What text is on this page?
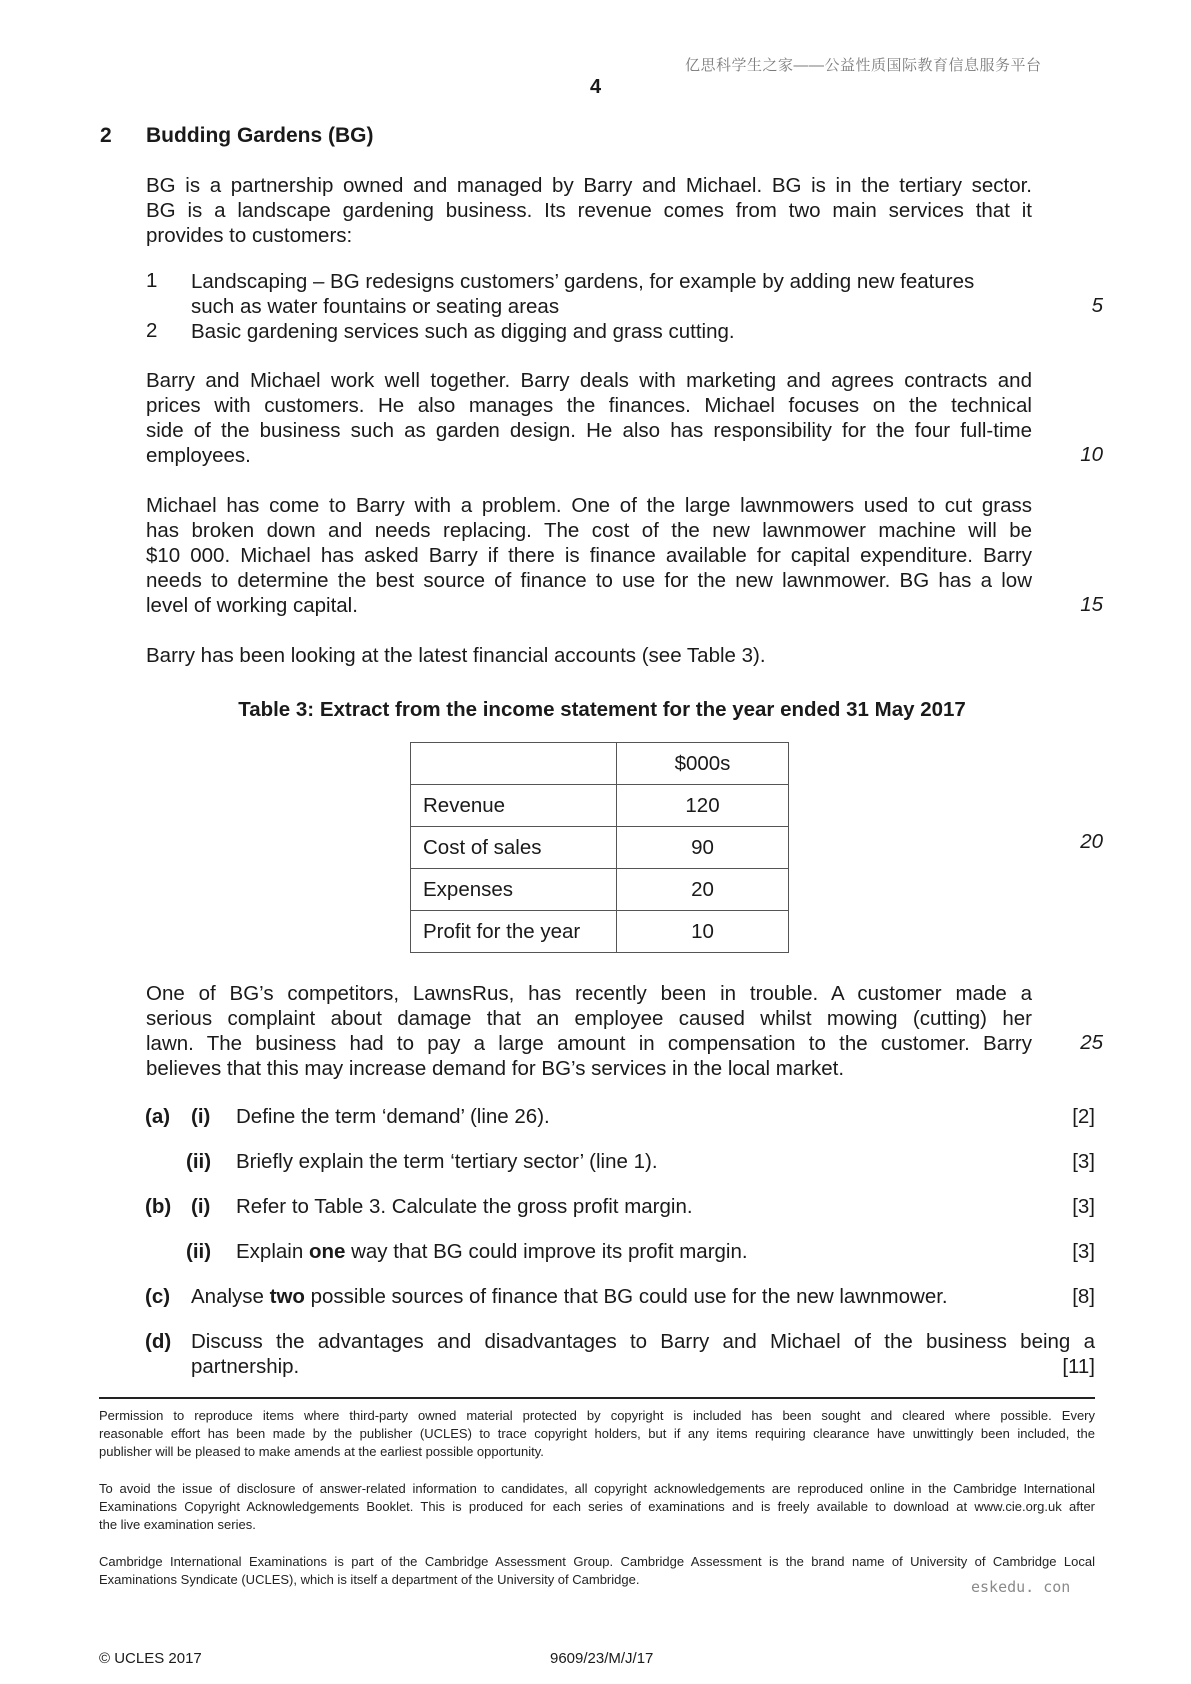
亿思科学生之家——公益性质国际教育信息服务平台
4
2 Budding Gardens (BG)
BG is a partnership owned and managed by Barry and Michael. BG is in the tertiary sector.
BG is a landscape gardening business. Its revenue comes from two main services that it
provides to customers:
1 Landscaping – BG redesigns customers’ gardens, for example by adding new features
such as water fountains or seating areas	5
2 Basic gardening services such as digging and grass cutting.
Barry and Michael work well together. Barry deals with marketing and agrees contracts and
prices with customers. He also manages the finances. Michael focuses on the technical
side of the business such as garden design. He also has responsibility for the four full-time
employees.	10
Michael has come to Barry with a problem. One of the large lawnmowers used to cut grass
has broken down and needs replacing. The cost of the new lawnmower machine will be
$10 000. Michael has asked Barry if there is finance available for capital expenditure. Barry
needs to determine the best source of finance to use for the new lawnmower. BG has a low
level of working capital.	15
Barry has been looking at the latest financial accounts (see Table 3).
Table 3: Extract from the income statement for the year ended 31 May 2017
	$000s
Revenue	120
Cost of sales	90
Expenses	20
Profit for the year	10
20
One of BG’s competitors, LawnsRus, has recently been in trouble. A customer made a
serious complaint about damage that an employee caused whilst mowing (cutting) her
lawn. The business had to pay a large amount in compensation to the customer. Barry
believes that this may increase demand for BG’s services in the local market.
25
(a) (i) Define the term ‘demand’ (line 26).	[2]
(ii) Briefly explain the term ‘tertiary sector’ (line 1).	[3]
(b) (i) Refer to Table 3. Calculate the gross profit margin.	[3]
(ii) Explain one way that BG could improve its profit margin.	[3]
(c) Analyse two possible sources of finance that BG could use for the new lawnmower.	[8]
(d) Discuss the advantages and disadvantages to Barry and Michael of the business being a
partnership.	[11]
Permission to reproduce items where third-party owned material protected by copyright is included has been sought and cleared where possible. Every
reasonable effort has been made by the publisher (UCLES) to trace copyright holders, but if any items requiring clearance have unwittingly been included, the
publisher will be pleased to make amends at the earliest possible opportunity.
To avoid the issue of disclosure of answer-related information to candidates, all copyright acknowledgements are reproduced online in the Cambridge International
Examinations Copyright Acknowledgements Booklet. This is produced for each series of examinations and is freely available to download at www.cie.org.uk after
the live examination series.
Cambridge International Examinations is part of the Cambridge Assessment Group. Cambridge Assessment is the brand name of University of Cambridge Local
Examinations Syndicate (UCLES), which is itself a department of the University of Cambridge.	eskedu. con
© UCLES 2017	9609/23/M/J/17
